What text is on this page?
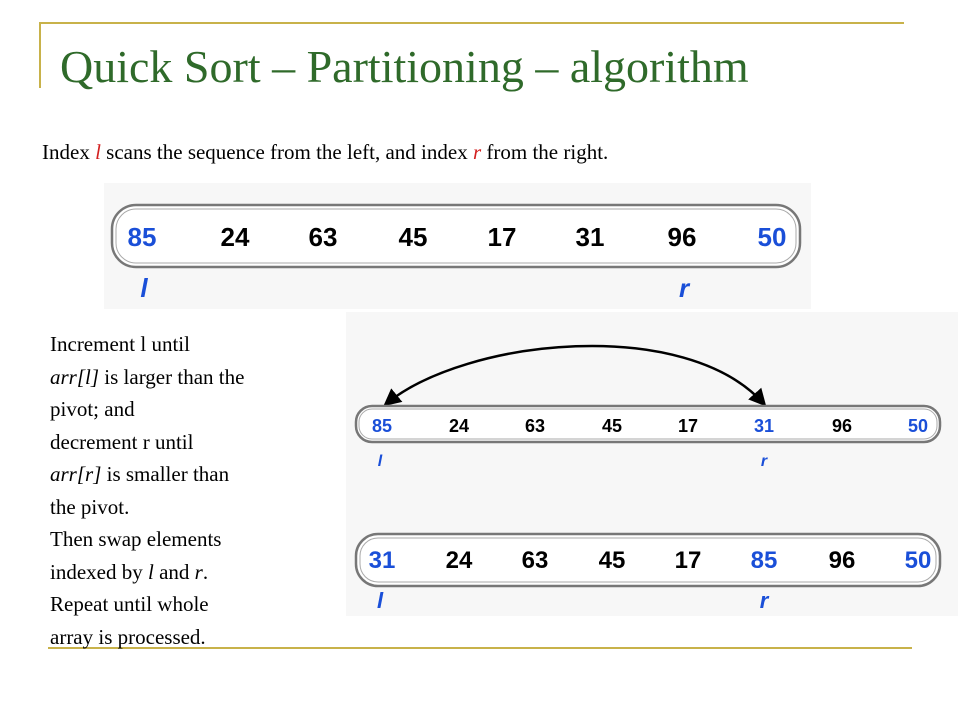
Quick Sort – Partitioning – algorithm
Index l scans the sequence from the left, and index r from the right.
85 24 63 45 17 31 96 50
l	r
85	24	63	45	17	31	96	50
l	r
31 24 63 45 17 85 96 50
l	r
Increment l until
arr[l] is larger than the
pivot; and
decrement r until
arr[r] is smaller than
the pivot.
Then swap elements
indexed by l and r.
Repeat until whole
array is processed.
